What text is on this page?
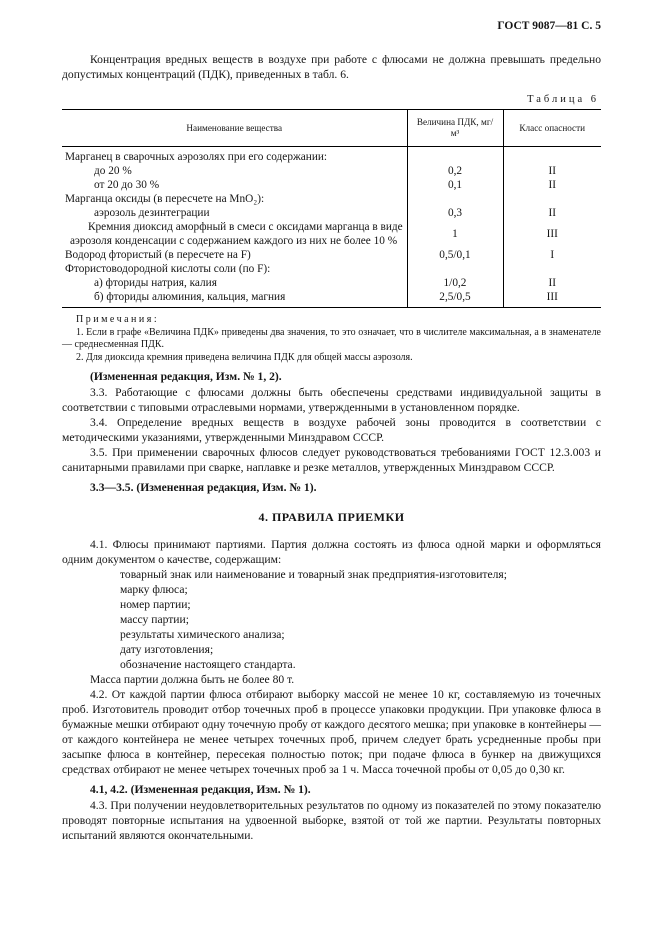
ГОСТ 9087—81 С. 5

Концентрация вредных веществ в воздухе при работе с флюсами не должна превышать предельно допустимых концентраций (ПДК), приведенных в табл. 6.

Таблица 6
Наименование вещества	Величина ПДК, мг/м³	Класс опасности
Марганец в сварочных аэрозолях при его содержании:		
до 20 %	0,2	II
от 20 до 30 %	0,1	II
Марганца оксиды (в пересчете на MnO₂):		
аэрозоль дезинтеграции	0,3	II
Кремния диоксид аморфный в смеси с оксидами марганца в виде аэрозоля конденсации с содержанием каждого из них не более 10 %	1	III
Водород фтористый (в пересчете на F)	0,5/0,1	I
Фтористоводородной кислоты соли (по F):		
а) фториды натрия, калия	1/0,2	II
б) фториды алюминия, кальция, магния	2,5/0,5	III
Примечания:

1. Если в графе «Величина ПДК» приведены два значения, то это означает, что в числителе максимальная, а в знаменателе — среднесменная ПДК.

2. Для диоксида кремния приведена величина ПДК для общей массы аэрозоля.

(Измененная редакция, Изм. № 1, 2).

3.3. Работающие с флюсами должны быть обеспечены средствами индивидуальной защиты в соответствии с типовыми отраслевыми нормами, утвержденными в установленном порядке.

3.4. Определение вредных веществ в воздухе рабочей зоны проводится в соответствии с методическими указаниями, утвержденными Минздравом СССР.

3.5. При применении сварочных флюсов следует руководствоваться требованиями ГОСТ 12.3.003 и санитарными правилами при сварке, наплавке и резке металлов, утвержденных Минздравом СССР.

3.3—3.5. (Измененная редакция, Изм. № 1).

4. ПРАВИЛА ПРИЕМКИ

4.1. Флюсы принимают партиями. Партия должна состоять из флюса одной марки и оформляться одним документом о качестве, содержащим:

товарный знак или наименование и товарный знак предприятия-изготовителя;
марку флюса;
номер партии;
массу партии;
результаты химического анализа;
дату изготовления;
обозначение настоящего стандарта.

Масса партии должна быть не более 80 т.

4.2. От каждой партии флюса отбирают выборку массой не менее 10 кг, составляемую из точечных проб. Изготовитель проводит отбор точечных проб в процессе упаковки продукции. При упаковке флюса в бумажные мешки отбирают одну точечную пробу от каждого десятого мешка; при упаковке в контейнеры — от каждого контейнера не менее четырех точечных проб, причем следует брать усредненные пробы при засыпке флюса в контейнер, пересекая полностью поток; при подаче флюса в бункер на движущихся средствах отбирают не менее четырех точечных проб за 1 ч. Масса точечной пробы от 0,05 до 0,30 кг.

4.1, 4.2. (Измененная редакция, Изм. № 1).

4.3. При получении неудовлетворительных результатов по одному из показателей по этому показателю проводят повторные испытания на удвоенной выборке, взятой от той же партии. Результаты повторных испытаний являются окончательными.
